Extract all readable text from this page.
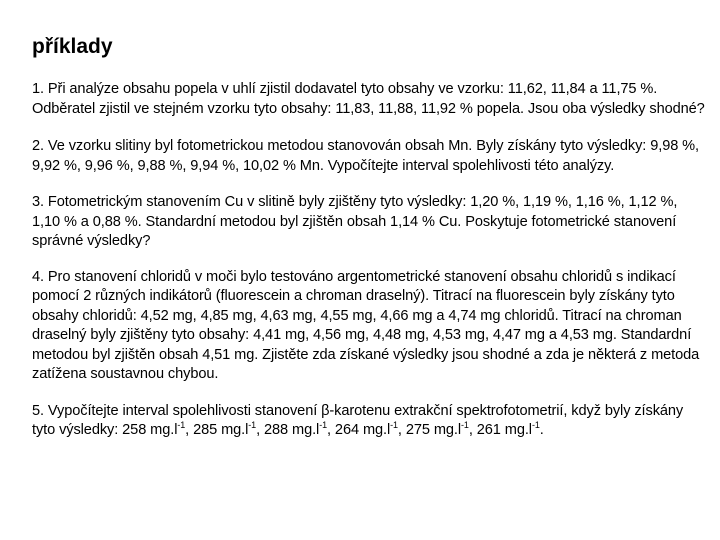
příklady

1. Při analýze obsahu popela v uhlí zjistil dodavatel tyto obsahy ve vzorku: 11,62, 11,84 a 11,75 %. Odběratel zjistil ve stejném vzorku tyto obsahy: 11,83, 11,88, 11,92 % popela. Jsou oba výsledky shodné?

2. Ve vzorku slitiny byl fotometrickou metodou stanovován obsah Mn. Byly získány tyto výsledky: 9,98 %, 9,92 %, 9,96 %, 9,88 %, 9,94 %, 10,02 % Mn. Vypočítejte interval spolehlivosti této analýzy.

3. Fotometrickým stanovením Cu v slitině byly zjištěny tyto výsledky: 1,20 %, 1,19 %, 1,16 %, 1,12 %, 1,10 % a 0,88 %. Standardní metodou byl zjištěn obsah 1,14 % Cu. Poskytuje fotometrické stanovení správné výsledky?

4. Pro stanovení chloridů v moči bylo testováno argentometrické stanovení obsahu chloridů s indikací pomocí 2 různých indikátorů (fluorescein a chroman draselný). Titrací na fluorescein byly získány tyto obsahy chloridů: 4,52 mg, 4,85 mg, 4,63 mg, 4,55 mg, 4,66 mg a 4,74 mg chloridů. Titrací na chroman draselný byly zjištěny tyto obsahy: 4,41 mg, 4,56 mg, 4,48 mg, 4,53 mg, 4,47 mg a 4,53 mg. Standardní metodou byl zjištěn obsah 4,51 mg. Zjistěte zda získané výsledky jsou shodné a zda je některá z metoda zatížena soustavnou chybou.

5. Vypočítejte interval spolehlivosti stanovení β-karotenu extrakční spektrofotometrií, když byly získány tyto výsledky: 258 $mg.l^{-1}$, 285 $mg.l^{-1}$, 288 $mg.l^{-1}$, 264 $mg.l^{-1}$, 275 $mg.l^{-1}$, 261 $mg.l^{-1}$.
